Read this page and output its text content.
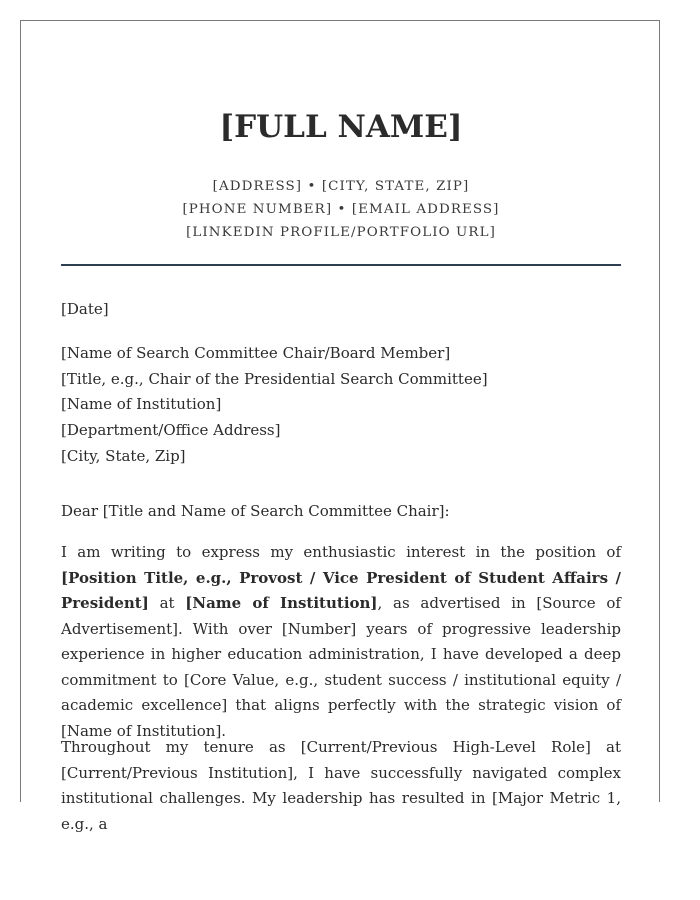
[FULL NAME]
[ADDRESS] • [CITY, STATE, ZIP]
[PHONE NUMBER] • [EMAIL ADDRESS]
[LINKEDIN PROFILE/PORTFOLIO URL]
[Date]
[Name of Search Committee Chair/Board Member]
[Title, e.g., Chair of the Presidential Search Committee]
[Name of Institution]
[Department/Office Address]
[City, State, Zip]
Dear [Title and Name of Search Committee Chair]:

I am writing to express my enthusiastic interest in the position of [Position Title, e.g., Provost / Vice President of Student Affairs / President] at [Name of Institution], as advertised in [Source of Advertisement]. With over [Number] years of progressive leadership experience in higher education administration, I have developed a deep commitment to [Core Value, e.g., student success / institutional equity / academic excellence] that aligns perfectly with the strategic vision of [Name of Institution].

Throughout my tenure as [Current/Previous High-Level Role] at [Current/Previous Institution], I have successfully navigated complex institutional challenges. My leadership has resulted in [Major Metric 1, e.g., a
